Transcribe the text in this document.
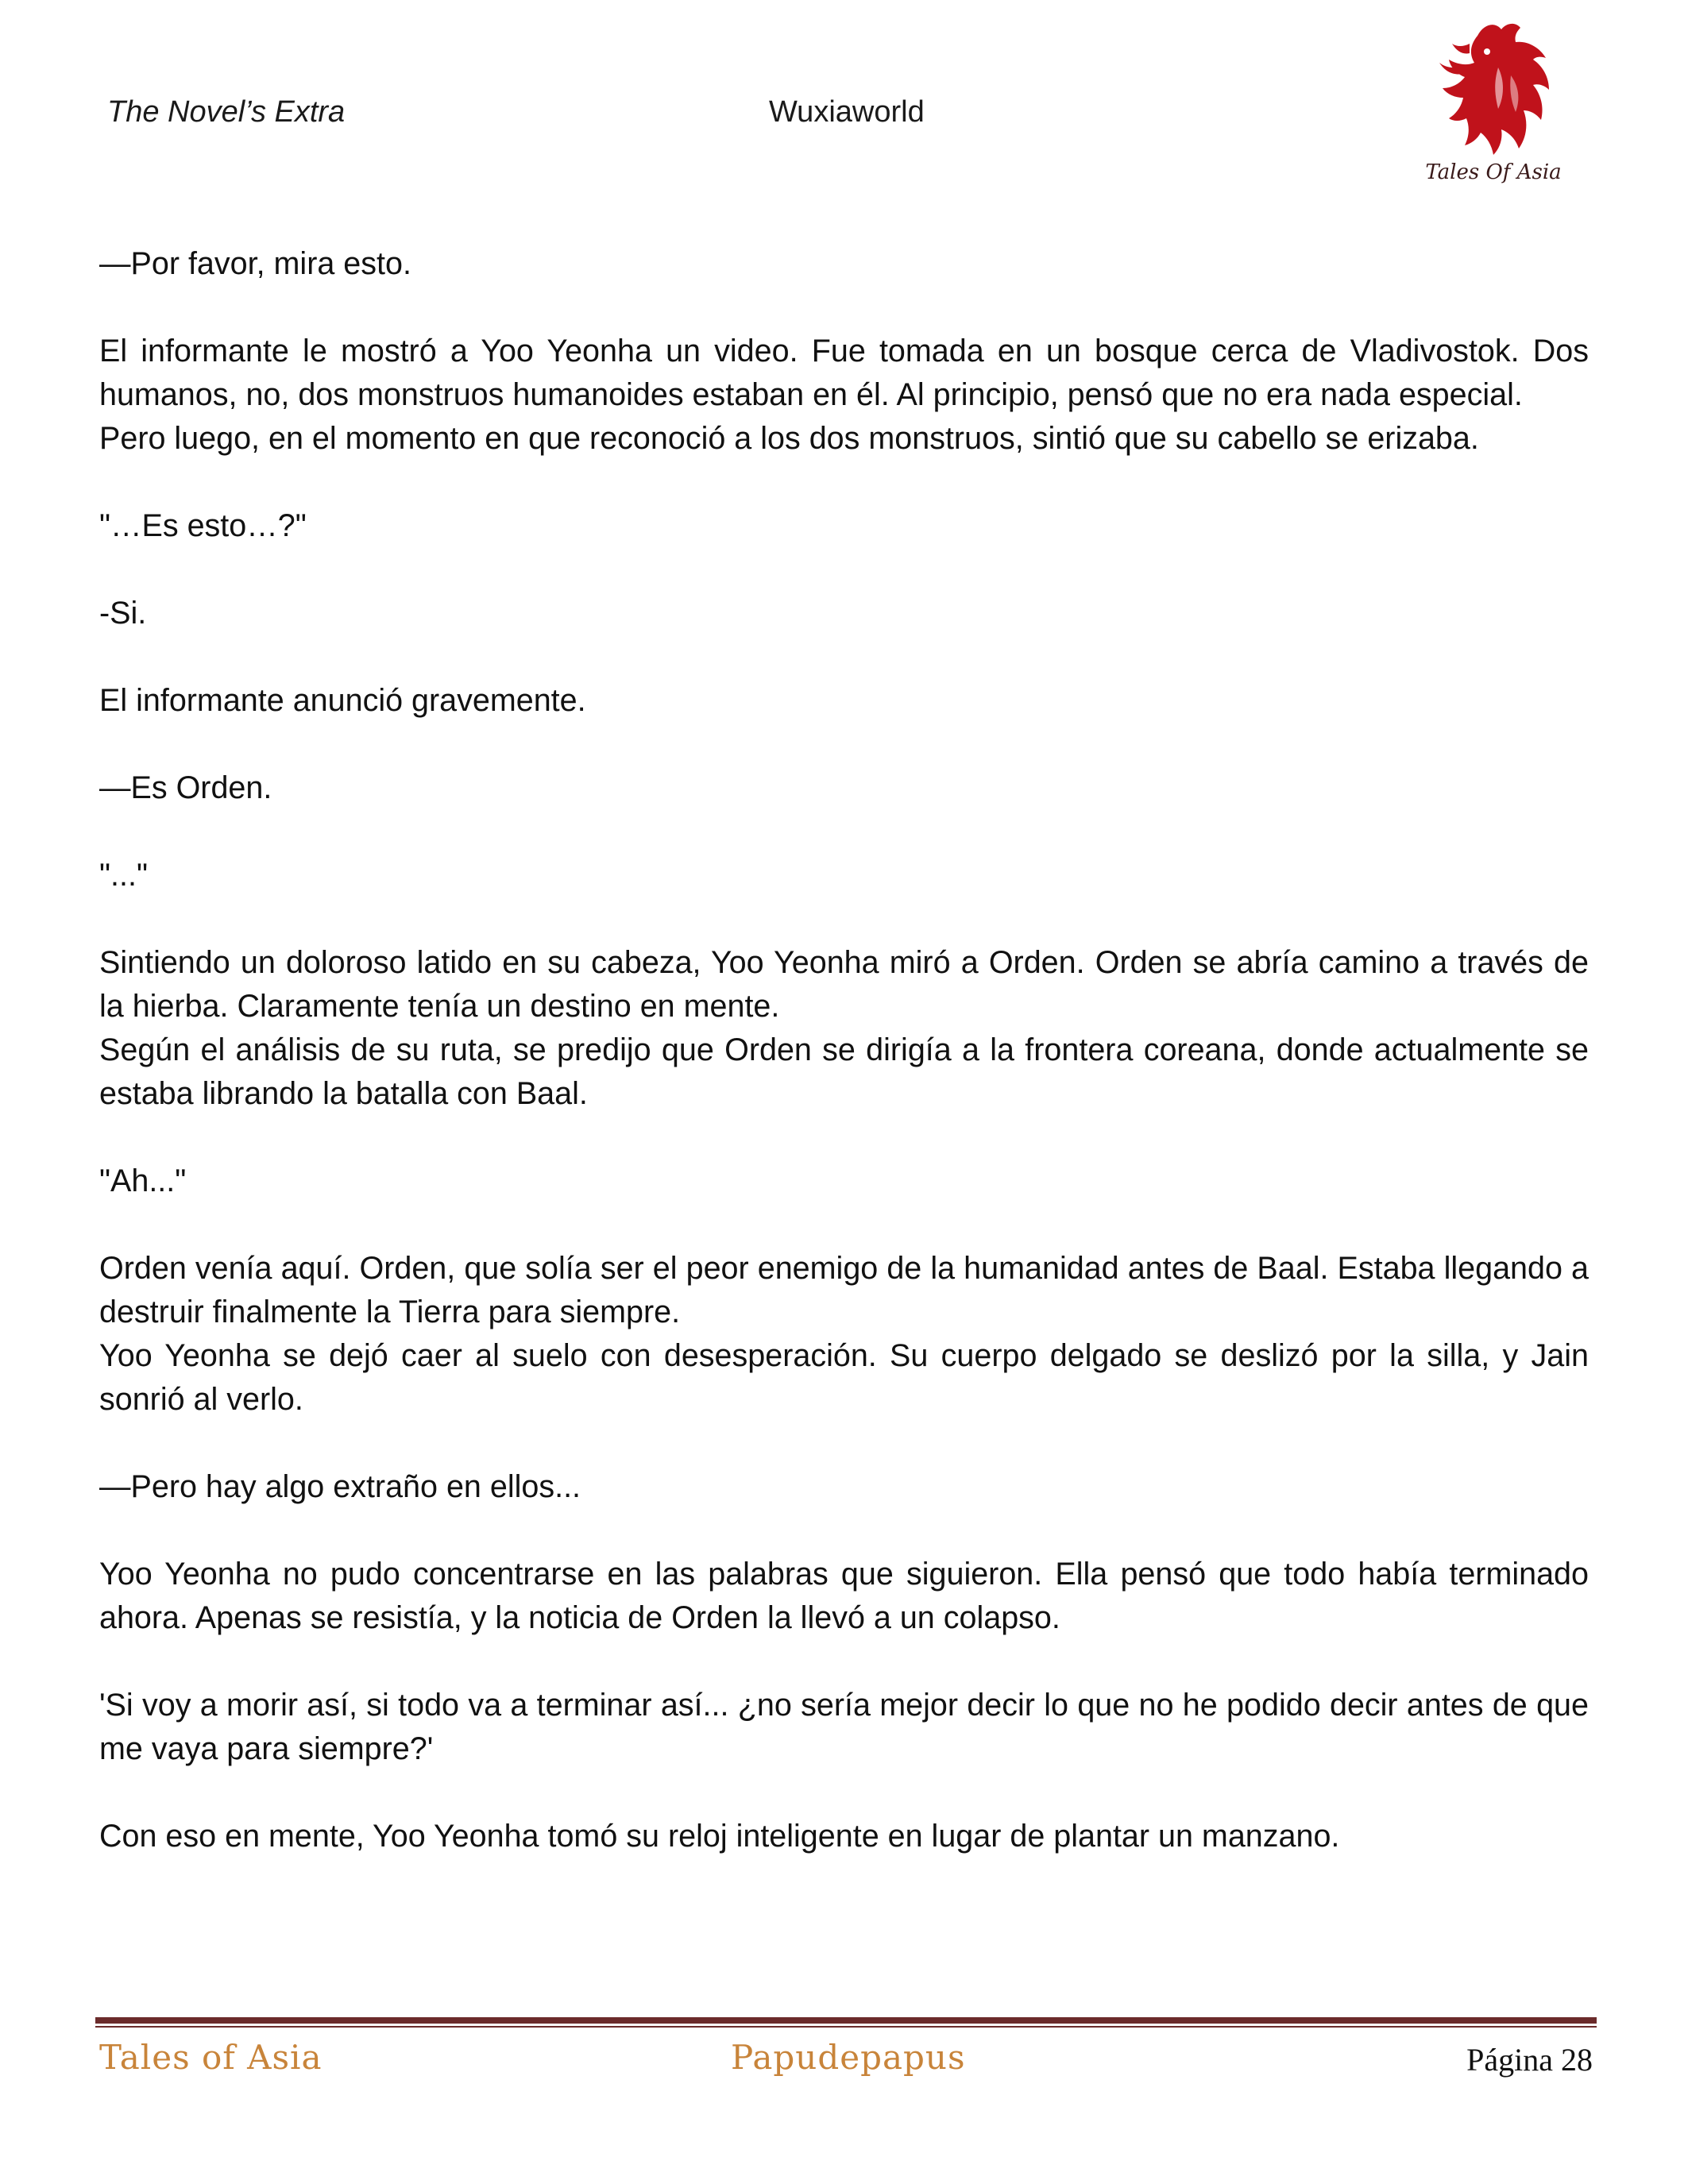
The Novel’s Extra	Wuxiaworld
Tales Of Asia

—Por favor, mira esto.

El informante le mostró a Yoo Yeonha un video. Fue tomada en un bosque cerca de Vladivostok. Dos humanos, no, dos monstruos humanoides estaban en él. Al principio, pensó que no era nada especial.

Pero luego, en el momento en que reconoció a los dos monstruos, sintió que su cabello se erizaba.

"…Es esto…?"

-Si.

El informante anunció gravemente.

—Es Orden.

"..."

Sintiendo un doloroso latido en su cabeza, Yoo Yeonha miró a Orden. Orden se abría camino a través de la hierba. Claramente tenía un destino en mente.

Según el análisis de su ruta, se predijo que Orden se dirigía a la frontera coreana, donde actualmente se estaba librando la batalla con Baal.

"Ah..."

Orden venía aquí. Orden, que solía ser el peor enemigo de la humanidad antes de Baal. Estaba llegando a destruir finalmente la Tierra para siempre.

Yoo Yeonha se dejó caer al suelo con desesperación. Su cuerpo delgado se deslizó por la silla, y Jain sonrió al verlo.

—Pero hay algo extraño en ellos...

Yoo Yeonha no pudo concentrarse en las palabras que siguieron. Ella pensó que todo había terminado ahora. Apenas se resistía, y la noticia de Orden la llevó a un colapso.

'Si voy a morir así, si todo va a terminar así... ¿no sería mejor decir lo que no he podido decir antes de que me vaya para siempre?'

Con eso en mente, Yoo Yeonha tomó su reloj inteligente en lugar de plantar un manzano.

Tales of Asia	Papudepapus	Página 28
